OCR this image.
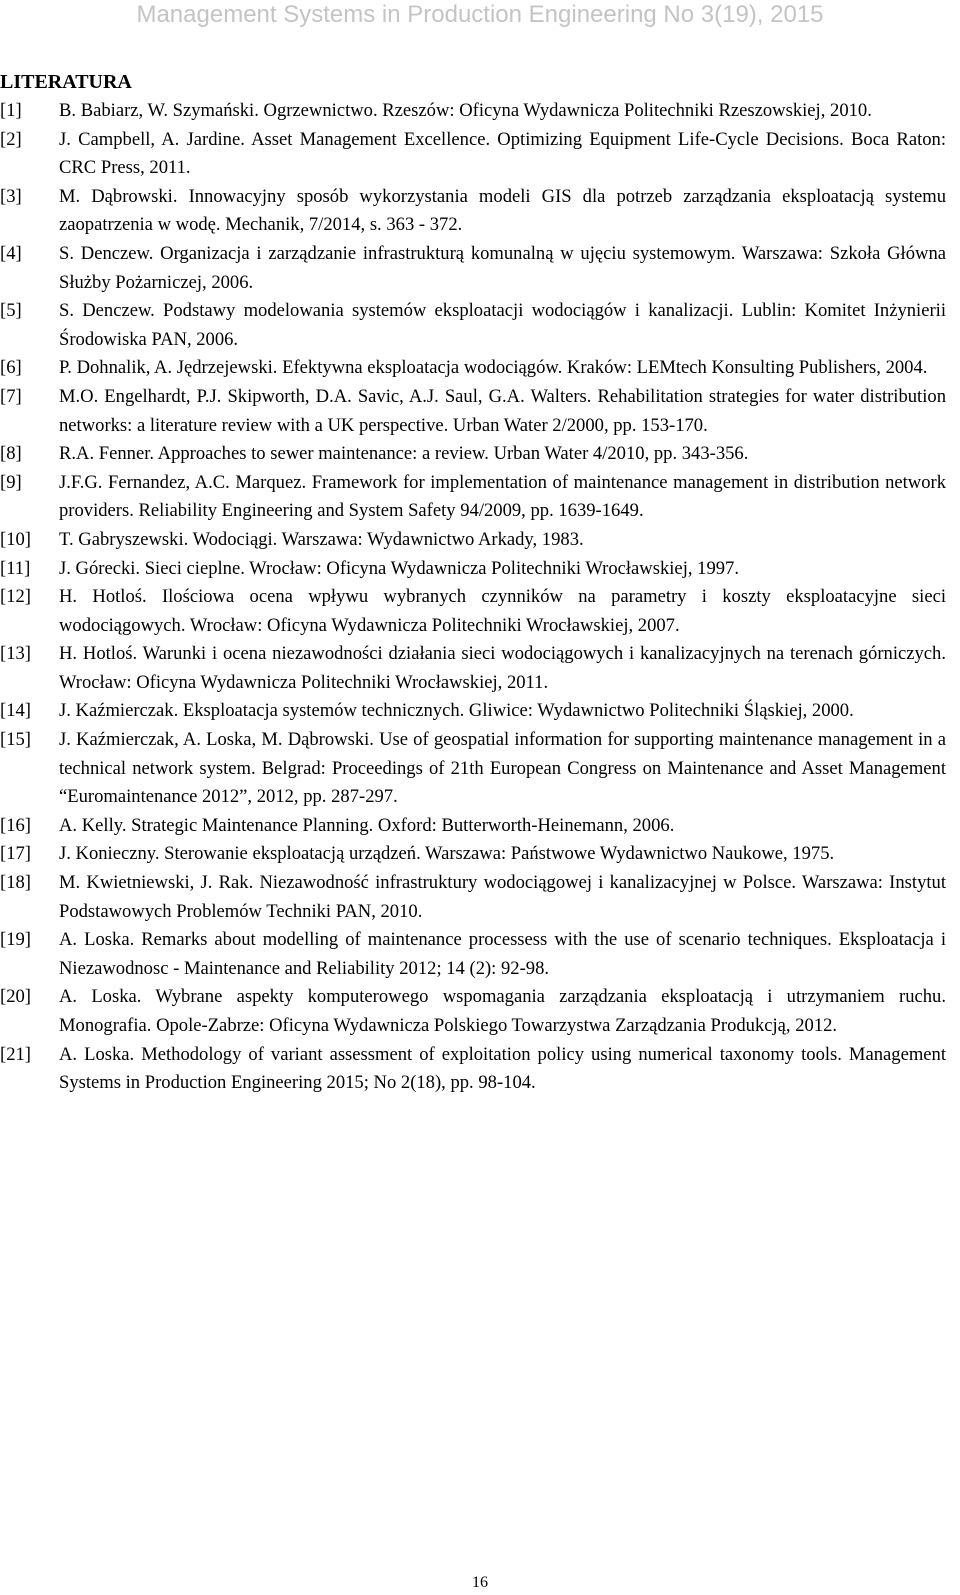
Management Systems in Production Engineering No 3(19), 2015
LITERATURA
[1] B. Babiarz, W. Szymański. Ogrzewnictwo. Rzeszów: Oficyna Wydawnicza Politechniki Rzeszowskiej, 2010.
[2] J. Campbell, A. Jardine. Asset Management Excellence. Optimizing Equipment Life-Cycle Decisions. Boca Raton: CRC Press, 2011.
[3] M. Dąbrowski. Innowacyjny sposób wykorzystania modeli GIS dla potrzeb zarządzania eksploatacją systemu zaopatrzenia w wodę. Mechanik, 7/2014, s. 363 - 372.
[4] S. Denczew. Organizacja i zarządzanie infrastrukturą komunalną w ujęciu systemowym. Warszawa: Szkoła Główna Służby Pożarniczej, 2006.
[5] S. Denczew. Podstawy modelowania systemów eksploatacji wodociągów i kanalizacji. Lublin: Komitet Inżynierii Środowiska PAN, 2006.
[6] P. Dohnalik, A. Jędrzejewski. Efektywna eksploatacja wodociągów. Kraków: LEMtech Konsulting Publishers, 2004.
[7] M.O. Engelhardt, P.J. Skipworth, D.A. Savic, A.J. Saul, G.A. Walters. Rehabilitation strategies for water distribution networks: a literature review with a UK perspective. Urban Water 2/2000, pp. 153-170.
[8] R.A. Fenner. Approaches to sewer maintenance: a review. Urban Water 4/2010, pp. 343-356.
[9] J.F.G. Fernandez, A.C. Marquez. Framework for implementation of maintenance management in distribution network providers. Reliability Engineering and System Safety 94/2009, pp. 1639-1649.
[10] T. Gabryszewski. Wodociągi. Warszawa: Wydawnictwo Arkady, 1983.
[11] J. Górecki. Sieci cieplne. Wrocław: Oficyna Wydawnicza Politechniki Wrocławskiej, 1997.
[12] H. Hotloś. Ilościowa ocena wpływu wybranych czynników na parametry i koszty eksploatacyjne sieci wodociągowych. Wrocław: Oficyna Wydawnicza Politechniki Wrocławskiej, 2007.
[13] H. Hotloś. Warunki i ocena niezawodności działania sieci wodociągowych i kanalizacyjnych na terenach górniczych. Wrocław: Oficyna Wydawnicza Politechniki Wrocławskiej, 2011.
[14] J. Kaźmierczak. Eksploatacja systemów technicznych. Gliwice: Wydawnictwo Politechniki Śląskiej, 2000.
[15] J. Kaźmierczak, A. Loska, M. Dąbrowski. Use of geospatial information for supporting maintenance management in a technical network system. Belgrad: Proceedings of 21th European Congress on Maintenance and Asset Management “Euromaintenance 2012”, 2012, pp. 287-297.
[16] A. Kelly. Strategic Maintenance Planning. Oxford: Butterworth-Heinemann, 2006.
[17] J. Konieczny. Sterowanie eksploatacją urządzeń. Warszawa: Państwowe Wydawnictwo Naukowe, 1975.
[18] M. Kwietniewski, J. Rak. Niezawodność infrastruktury wodociągowej i kanalizacyjnej w Polsce. Warszawa: Instytut Podstawowych Problemów Techniki PAN, 2010.
[19] A. Loska. Remarks about modelling of maintenance processess with the use of scenario techniques. Eksploatacja i Niezawodnosc - Maintenance and Reliability 2012; 14 (2): 92-98.
[20] A. Loska. Wybrane aspekty komputerowego wspomagania zarządzania eksploatacją i utrzymaniem ruchu. Monografia. Opole-Zabrze: Oficyna Wydawnicza Polskiego Towarzystwa Zarządzania Produkcją, 2012.
[21] A. Loska. Methodology of variant assessment of exploitation policy using numerical taxonomy tools. Management Systems in Production Engineering 2015; No 2(18), pp. 98-104.
16
